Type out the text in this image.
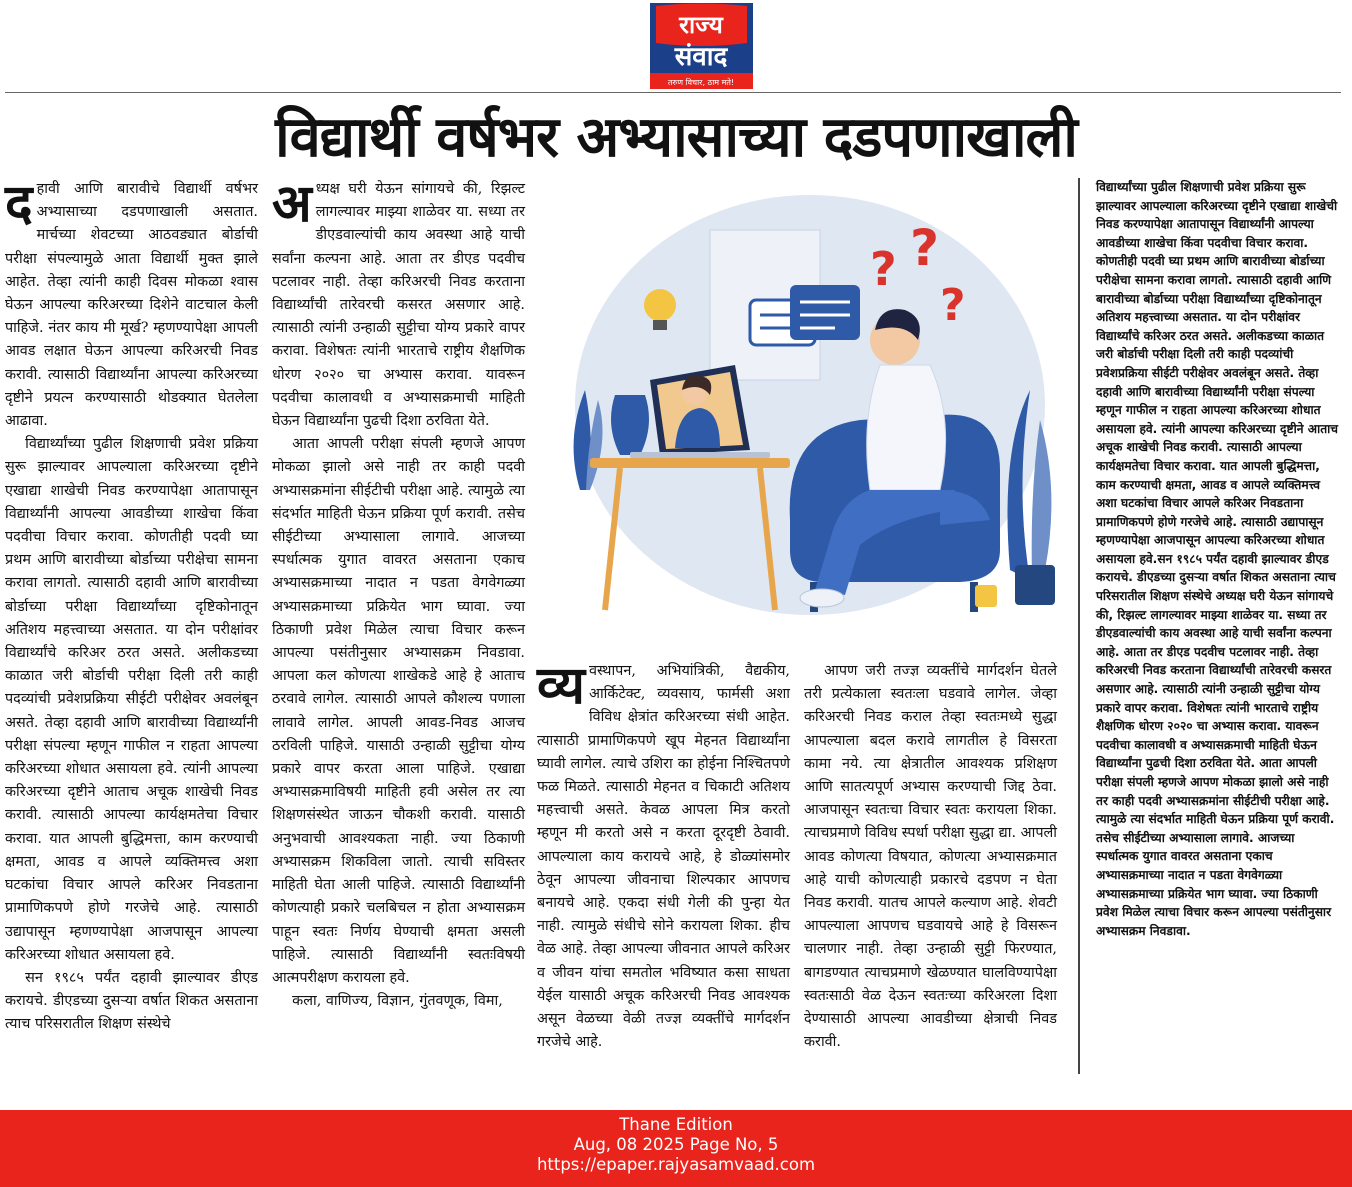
राज्य
संवाद
तरुण विचार, ठाम मते!
विद्यार्थी वर्षभर अभ्यासाच्या दडपणाखाली

दहावी आणि बारावीचे विद्यार्थी वर्षभर अभ्यासाच्या दडपणाखाली असतात. मार्चच्या शेवटच्या आठवड्यात बोर्डाची परीक्षा संपल्यामुळे आता विद्यार्थी मुक्त झाले आहेत. तेव्हा त्यांनी काही दिवस मोकळा श्वास घेऊन आपल्या करिअरच्या दिशेने वाटचाल केली पाहिजे. नंतर काय मी मूर्ख? म्हणण्यापेक्षा आपली आवड लक्षात घेऊन आपल्या करिअरची निवड करावी. त्यासाठी विद्यार्थ्यांना आपल्या करिअरच्या दृष्टीने प्रयत्न करण्यासाठी थोडक्यात घेतलेला आढावा.

विद्यार्थ्यांच्या पुढील शिक्षणाची प्रवेश प्रक्रिया सुरू झाल्यावर आपल्याला करिअरच्या दृष्टीने एखाद्या शाखेची निवड करण्यापेक्षा आतापासून विद्यार्थ्यांनी आपल्या आवडीच्या शाखेचा किंवा पदवीचा विचार करावा. कोणतीही पदवी घ्या प्रथम आणि बारावीच्या बोर्डाच्या परीक्षेचा सामना करावा लागतो. त्यासाठी दहावी आणि बारावीच्या बोर्डाच्या परीक्षा विद्यार्थ्यांच्या दृष्टिकोनातून अतिशय महत्त्वाच्या असतात. या दोन परीक्षांवर विद्यार्थ्यांचे करिअर ठरत असते. अलीकडच्या काळात जरी बोर्डाची परीक्षा दिली तरी काही पदव्यांची प्रवेशप्रक्रिया सीईटी परीक्षेवर अवलंबून असते. तेव्हा दहावी आणि बारावीच्या विद्यार्थ्यांनी परीक्षा संपल्या म्हणून गाफील न राहता आपल्या करिअरच्या शोधात असायला हवे. त्यांनी आपल्या करिअरच्या दृष्टीने आताच अचूक शाखेची निवड करावी. त्यासाठी आपल्या कार्यक्षमतेचा विचार करावा. यात आपली बुद्धिमत्ता, काम करण्याची क्षमता, आवड व आपले व्यक्तिमत्त्व अशा घटकांचा विचार आपले करिअर निवडताना प्रामाणिकपणे होणे गरजेचे आहे. त्यासाठी उद्यापासून म्हणण्यापेक्षा आजपासून आपल्या करिअरच्या शोधात असायला हवे.

सन १९८५ पर्यंत दहावी झाल्यावर डीएड करायचे. डीएडच्या दुसऱ्या वर्षात शिकत असताना त्याच परिसरातील शिक्षण संस्थेचे

अध्यक्ष घरी येऊन सांगायचे की, रिझल्ट लागल्यावर माझ्या शाळेवर या. सध्या तर डीएडवाल्यांची काय अवस्था आहे याची सर्वांना कल्पना आहे. आता तर डीएड पदवीच पटलावर नाही. तेव्हा करिअरची निवड करताना विद्यार्थ्यांची तारेवरची कसरत असणार आहे. त्यासाठी त्यांनी उन्हाळी सुट्टीचा योग्य प्रकारे वापर करावा. विशेषतः त्यांनी भारताचे राष्ट्रीय शैक्षणिक धोरण २०२० चा अभ्यास करावा. यावरून पदवीचा कालावधी व अभ्यासक्रमाची माहिती घेऊन विद्यार्थ्यांना पुढची दिशा ठरविता येते.

आता आपली परीक्षा संपली म्हणजे आपण मोकळा झालो असे नाही तर काही पदवी अभ्यासक्रमांना सीईटीची परीक्षा आहे. त्यामुळे त्या संदर्भात माहिती घेऊन प्रक्रिया पूर्ण करावी. तसेच सीईटीच्या अभ्यासाला लागावे. आजच्या स्पर्धात्मक युगात वावरत असताना एकाच अभ्यासक्रमाच्या नादात न पडता वेगवेगळ्या अभ्यासक्रमाच्या प्रक्रियेत भाग घ्यावा. ज्या ठिकाणी प्रवेश मिळेल त्याचा विचार करून आपल्या पसंतीनुसार अभ्यासक्रम निवडावा. आपला कल कोणत्या शाखेकडे आहे हे आताच ठरवावे लागेल. त्यासाठी आपले कौशल्य पणाला लावावे लागेल. आपली आवड-निवड आजच ठरविली पाहिजे. यासाठी उन्हाळी सुट्टीचा योग्य प्रकारे वापर करता आला पाहिजे. एखाद्या अभ्यासक्रमाविषयी माहिती हवी असेल तर त्या शिक्षणसंस्थेत जाऊन चौकशी करावी. यासाठी अनुभवाची आवश्यकता नाही. ज्या ठिकाणी अभ्यासक्रम शिकविला जातो. त्याची सविस्तर माहिती घेता आली पाहिजे. त्यासाठी विद्यार्थ्यांनी कोणत्याही प्रकारे चलबिचल न होता अभ्यासक्रम पाहून स्वतः निर्णय घेण्याची क्षमता असली पाहिजे. त्यासाठी विद्यार्थ्यांनी स्वतःविषयी आत्मपरीक्षण करायला हवे.

कला, वाणिज्य, विज्ञान, गुंतवणूक, विमा,

? ?
?

व्यवस्थापन, अभियांत्रिकी, वैद्यकीय, आर्किटेक्ट, व्यवसाय, फार्मसी अशा विविध क्षेत्रांत करिअरच्या संधी आहेत. त्यासाठी प्रामाणिकपणे खूप मेहनत विद्यार्थ्यांना घ्यावी लागेल. त्याचे उशिरा का होईना निश्चितपणे फळ मिळते. त्यासाठी मेहनत व चिकाटी अतिशय महत्त्वाची असते. केवळ आपला मित्र करतो म्हणून मी करतो असे न करता दूरदृष्टी ठेवावी. आपल्याला काय करायचे आहे, हे डोळ्यांसमोर ठेवून आपल्या जीवनाचा शिल्पकार आपणच बनायचे आहे. एकदा संधी गेली की पुन्हा येत नाही. त्यामुळे संधीचे सोने करायला शिका. हीच वेळ आहे. तेव्हा आपल्या जीवनात आपले करिअर व जीवन यांचा समतोल भविष्यात कसा साधता येईल यासाठी अचूक करिअरची निवड आवश्यक असून वेळच्या वेळी तज्ज्ञ व्यक्तींचे मार्गदर्शन गरजेचे आहे.

आपण जरी तज्ज्ञ व्यक्तींचे मार्गदर्शन घेतले तरी प्रत्येकाला स्वतःला घडवावे लागेल. जेव्हा करिअरची निवड कराल तेव्हा स्वतःमध्ये सुद्धा आपल्याला बदल करावे लागतील हे विसरता कामा नये. त्या क्षेत्रातील आवश्यक प्रशिक्षण आणि सातत्यपूर्ण अभ्यास करण्याची जिद्द ठेवा. आजपासून स्वतःचा विचार स्वतः करायला शिका. त्याचप्रमाणे विविध स्पर्धा परीक्षा सुद्धा द्या. आपली आवड कोणत्या विषयात, कोणत्या अभ्यासक्रमात आहे याची कोणत्याही प्रकारचे दडपण न घेता निवड करावी. यातच आपले कल्याण आहे. शेवटी आपल्याला आपणच घडवायचे आहे हे विसरून चालणार नाही. तेव्हा उन्हाळी सुट्टी फिरण्यात, बागडण्यात त्याचप्रमाणे खेळण्यात घालविण्यापेक्षा स्वतःसाठी वेळ देऊन स्वतःच्या करिअरला दिशा देण्यासाठी आपल्या आवडीच्या क्षेत्राची निवड करावी.

विद्यार्थ्यांच्या पुढील शिक्षणाची प्रवेश प्रक्रिया सुरू झाल्यावर आपल्याला करिअरच्या दृष्टीने एखाद्या शाखेची निवड करण्यापेक्षा आतापासून विद्यार्थ्यांनी आपल्या आवडीच्या शाखेचा किंवा पदवीचा विचार करावा. कोणतीही पदवी घ्या प्रथम आणि बारावीच्या बोर्डाच्या परीक्षेचा सामना करावा लागतो. त्यासाठी दहावी आणि बारावीच्या बोर्डाच्या परीक्षा विद्यार्थ्यांच्या दृष्टिकोनातून अतिशय महत्त्वाच्या असतात. या दोन परीक्षांवर विद्यार्थ्यांचे करिअर ठरत असते. अलीकडच्या काळात जरी बोर्डाची परीक्षा दिली तरी काही पदव्यांची प्रवेशप्रक्रिया सीईटी परीक्षेवर अवलंबून असते. तेव्हा दहावी आणि बारावीच्या विद्यार्थ्यांनी परीक्षा संपल्या म्हणून गाफील न राहता आपल्या करिअरच्या शोधात असायला हवे. त्यांनी आपल्या करिअरच्या दृष्टीने आताच अचूक शाखेची निवड करावी. त्यासाठी आपल्या कार्यक्षमतेचा विचार करावा. यात आपली बुद्धिमत्ता, काम करण्याची क्षमता, आवड व आपले व्यक्तिमत्त्व अशा घटकांचा विचार आपले करिअर निवडताना प्रामाणिकपणे होणे गरजेचे आहे. त्यासाठी उद्यापासून म्हणण्यापेक्षा आजपासून आपल्या करिअरच्या शोधात असायला हवे.सन १९८५ पर्यंत दहावी झाल्यावर डीएड करायचे. डीएडच्या दुसऱ्या वर्षात शिकत असताना त्याच परिसरातील शिक्षण संस्थेचे अध्यक्ष घरी येऊन सांगायचे की, रिझल्ट लागल्यावर माझ्या शाळेवर या. सध्या तर डीएडवाल्यांची काय अवस्था आहे याची सर्वांना कल्पना आहे. आता तर डीएड पदवीच पटलावर नाही. तेव्हा करिअरची निवड करताना विद्यार्थ्यांची तारेवरची कसरत असणार आहे. त्यासाठी त्यांनी उन्हाळी सुट्टीचा योग्य प्रकारे वापर करावा. विशेषतः त्यांनी भारताचे राष्ट्रीय शैक्षणिक धोरण २०२० चा अभ्यास करावा. यावरून पदवीचा कालावधी व अभ्यासक्रमाची माहिती घेऊन विद्यार्थ्यांना पुढची दिशा ठरविता येते. आता आपली परीक्षा संपली म्हणजे आपण मोकळा झालो असे नाही तर काही पदवी अभ्यासक्रमांना सीईटीची परीक्षा आहे. त्यामुळे त्या संदर्भात माहिती घेऊन प्रक्रिया पूर्ण करावी. तसेच सीईटीच्या अभ्यासाला लागावे. आजच्या स्पर्धात्मक युगात वावरत असताना एकाच अभ्यासक्रमाच्या नादात न पडता वेगवेगळ्या अभ्यासक्रमाच्या प्रक्रियेत भाग घ्यावा. ज्या ठिकाणी प्रवेश मिळेल त्याचा विचार करून आपल्या पसंतीनुसार अभ्यासक्रम निवडावा.

Thane Edition
Aug, 08 2025 Page No, 5
https://epaper.rajyasamvaad.com
